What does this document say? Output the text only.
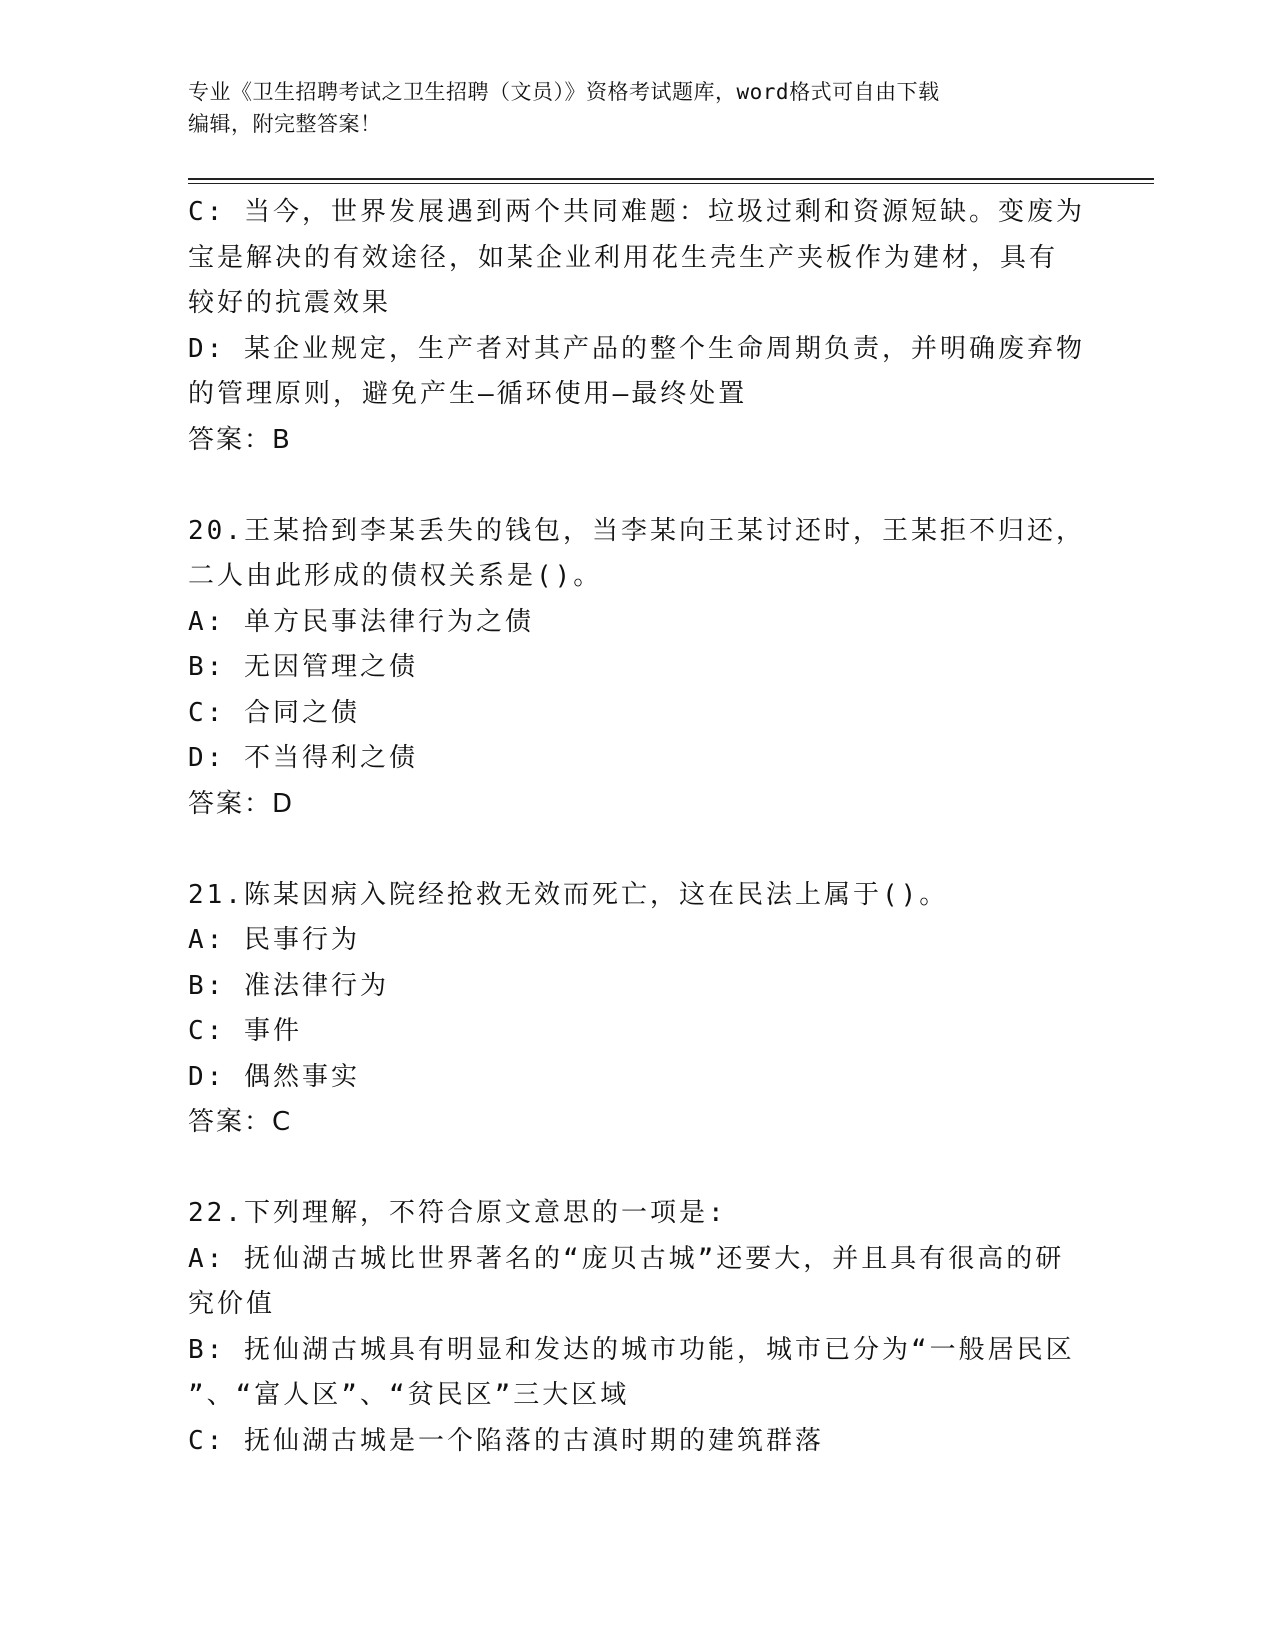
专业《卫生招聘考试之卫生招聘（文员）》资格考试题库，word格式可自由下载
编辑，附完整答案！

C: 当今，世界发展遇到两个共同难题：垃圾过剩和资源短缺。变废为

宝是解决的有效途径，如某企业利用花生壳生产夹板作为建材，具有

较好的抗震效果

D: 某企业规定，生产者对其产品的整个生命周期负责，并明确废弃物

的管理原则，避免产生—循环使用—最终处置

答案：B

20.王某拾到李某丢失的钱包，当李某向王某讨还时，王某拒不归还，

二人由此形成的债权关系是()。

A: 单方民事法律行为之债

B: 无因管理之债

C: 合同之债

D: 不当得利之债

答案：D

21.陈某因病入院经抢救无效而死亡，这在民法上属于()。

A: 民事行为

B: 准法律行为

C: 事件

D: 偶然事实

答案：C

22.下列理解，不符合原文意思的一项是:

A: 抚仙湖古城比世界著名的“庞贝古城”还要大，并且具有很高的研

究价值

B: 抚仙湖古城具有明显和发达的城市功能，城市已分为“一般居民区

”、“富人区”、“贫民区”三大区域

C: 抚仙湖古城是一个陷落的古滇时期的建筑群落
